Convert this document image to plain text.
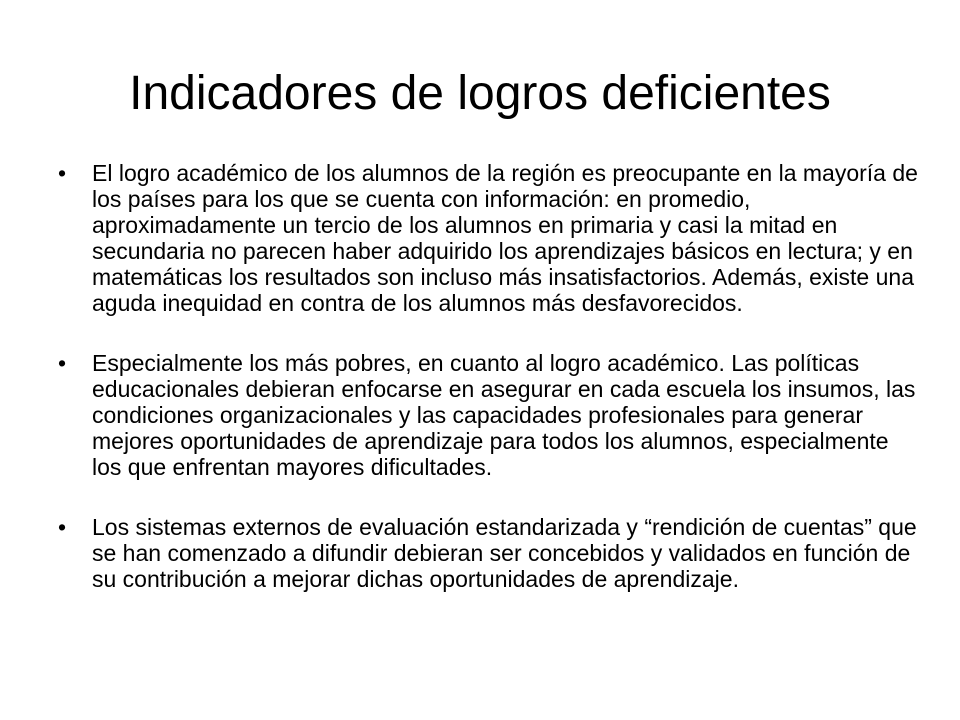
Indicadores de logros deficientes
•	El logro académico de los alumnos de la región es preocupante en la mayoría de los países para los que se cuenta con información: en promedio, aproximadamente un tercio de los alumnos en primaria y casi la mitad en secundaria no parecen haber adquirido los aprendizajes básicos en lectura; y en matemáticas los resultados son incluso más insatisfactorios. Además, existe una aguda inequidad en contra de los alumnos más desfavorecidos.
•	Especialmente los más pobres, en cuanto al logro académico. Las políticas educacionales debieran enfocarse en asegurar en cada escuela los insumos, las condiciones organizacionales y las capacidades profesionales para generar mejores oportunidades de aprendizaje para todos los alumnos, especialmente los que enfrentan mayores dificultades.
•	Los sistemas externos de evaluación estandarizada y “rendición de cuentas” que se han comenzado a difundir debieran ser concebidos y validados en función de su contribución a mejorar dichas oportunidades de aprendizaje.
